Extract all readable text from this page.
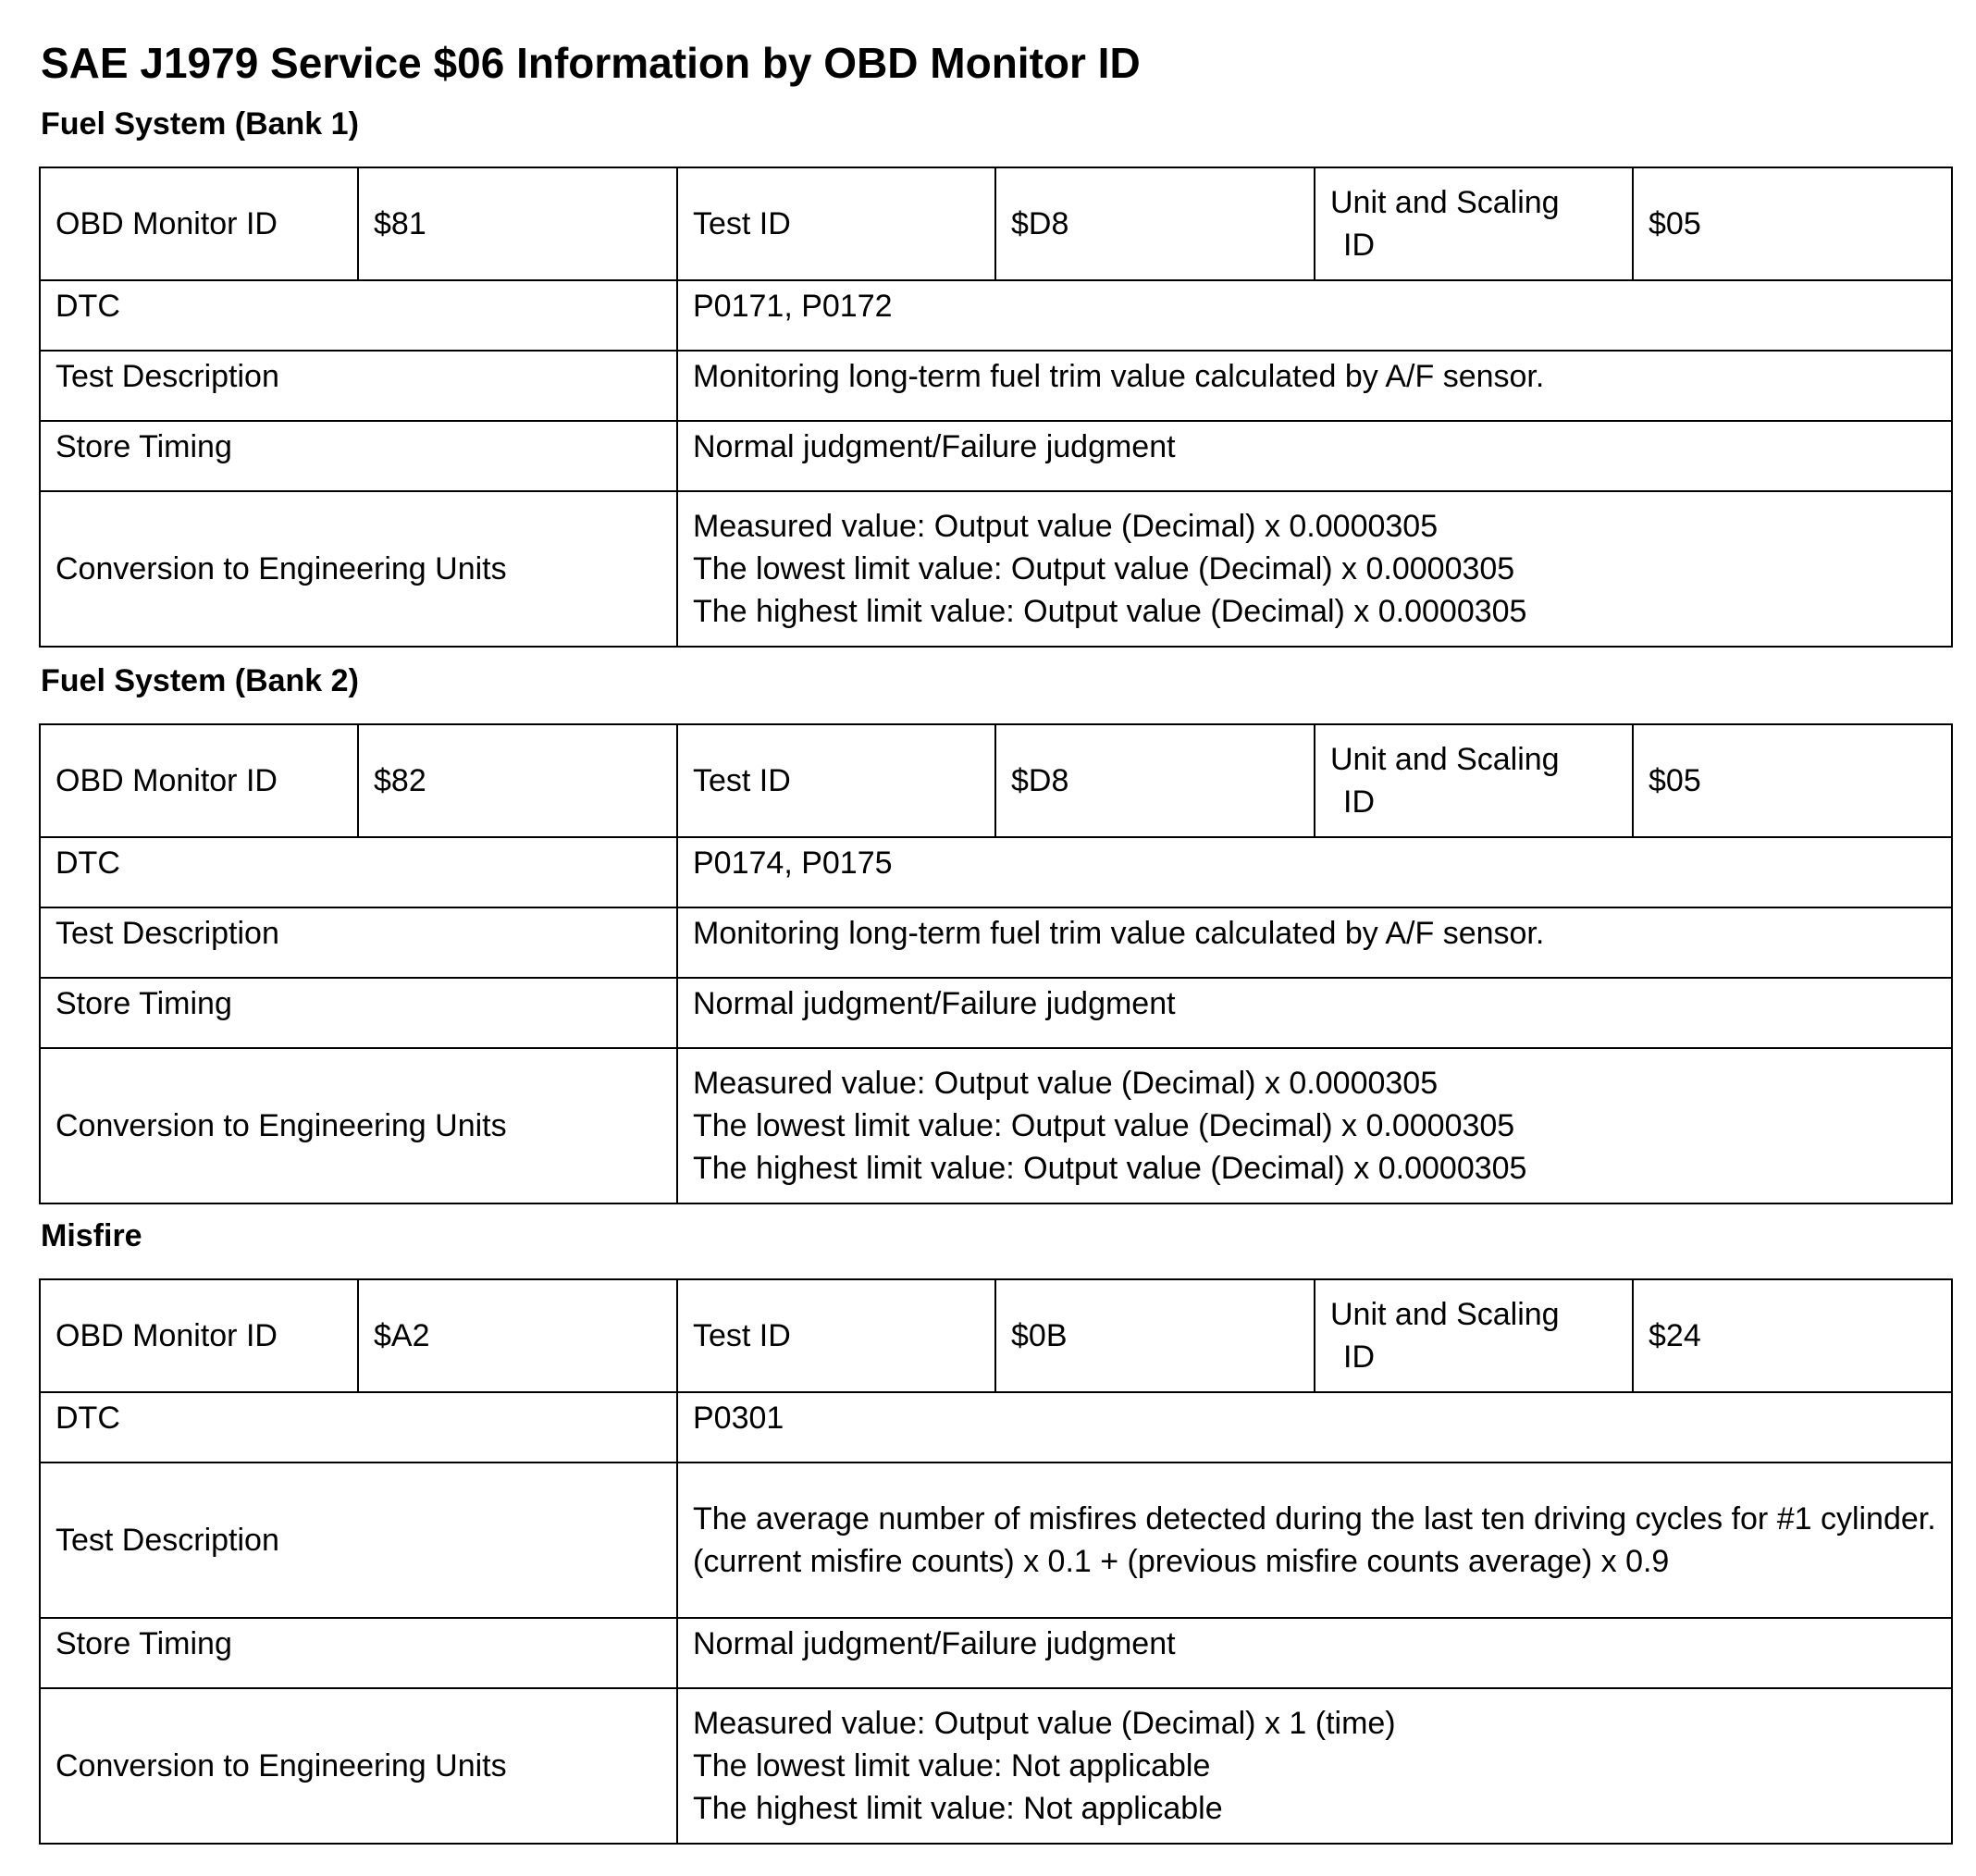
SAE J1979 Service $06 Information by OBD Monitor ID
Fuel System (Bank 1)
OBD Monitor ID	$81	Test ID	$D8	Unit and Scaling
ID	$05
DTC		P0171, P0172			
Test Description		Monitoring long-term fuel trim value calculated by A/F sensor.			

Store Timing		Normal judgment/Failure judgment			
Conversion to Engineering Units		Measured value: Output value (Decimal) x 0.0000305
The lowest limit value: Output value (Decimal) x 0.0000305
The highest limit value: Output value (Decimal) x 0.0000305			
Fuel System (Bank 2)
OBD Monitor ID	$82	Test ID	$D8	Unit and Scaling
ID	$05
DTC		P0174, P0175			
Test Description		Monitoring long-term fuel trim value calculated by A/F sensor.			

Store Timing		Normal judgment/Failure judgment			
Conversion to Engineering Units		Measured value: Output value (Decimal) x 0.0000305
The lowest limit value: Output value (Decimal) x 0.0000305
The highest limit value: Output value (Decimal) x 0.0000305			
Misfire
OBD Monitor ID	$A2	Test ID	$0B	Unit and Scaling
ID	$24
DTC		P0301			
Test Description		The average number of misfires detected during the last ten driving cycles for #1 cylinder.
(current misfire counts) x 0.1 + (previous misfire counts average) x 0.9			

Store Timing		Normal judgment/Failure judgment			
Conversion to Engineering Units		Measured value: Output value (Decimal) x 1 (time)
The lowest limit value: Not applicable
The highest limit value: Not applicable			
